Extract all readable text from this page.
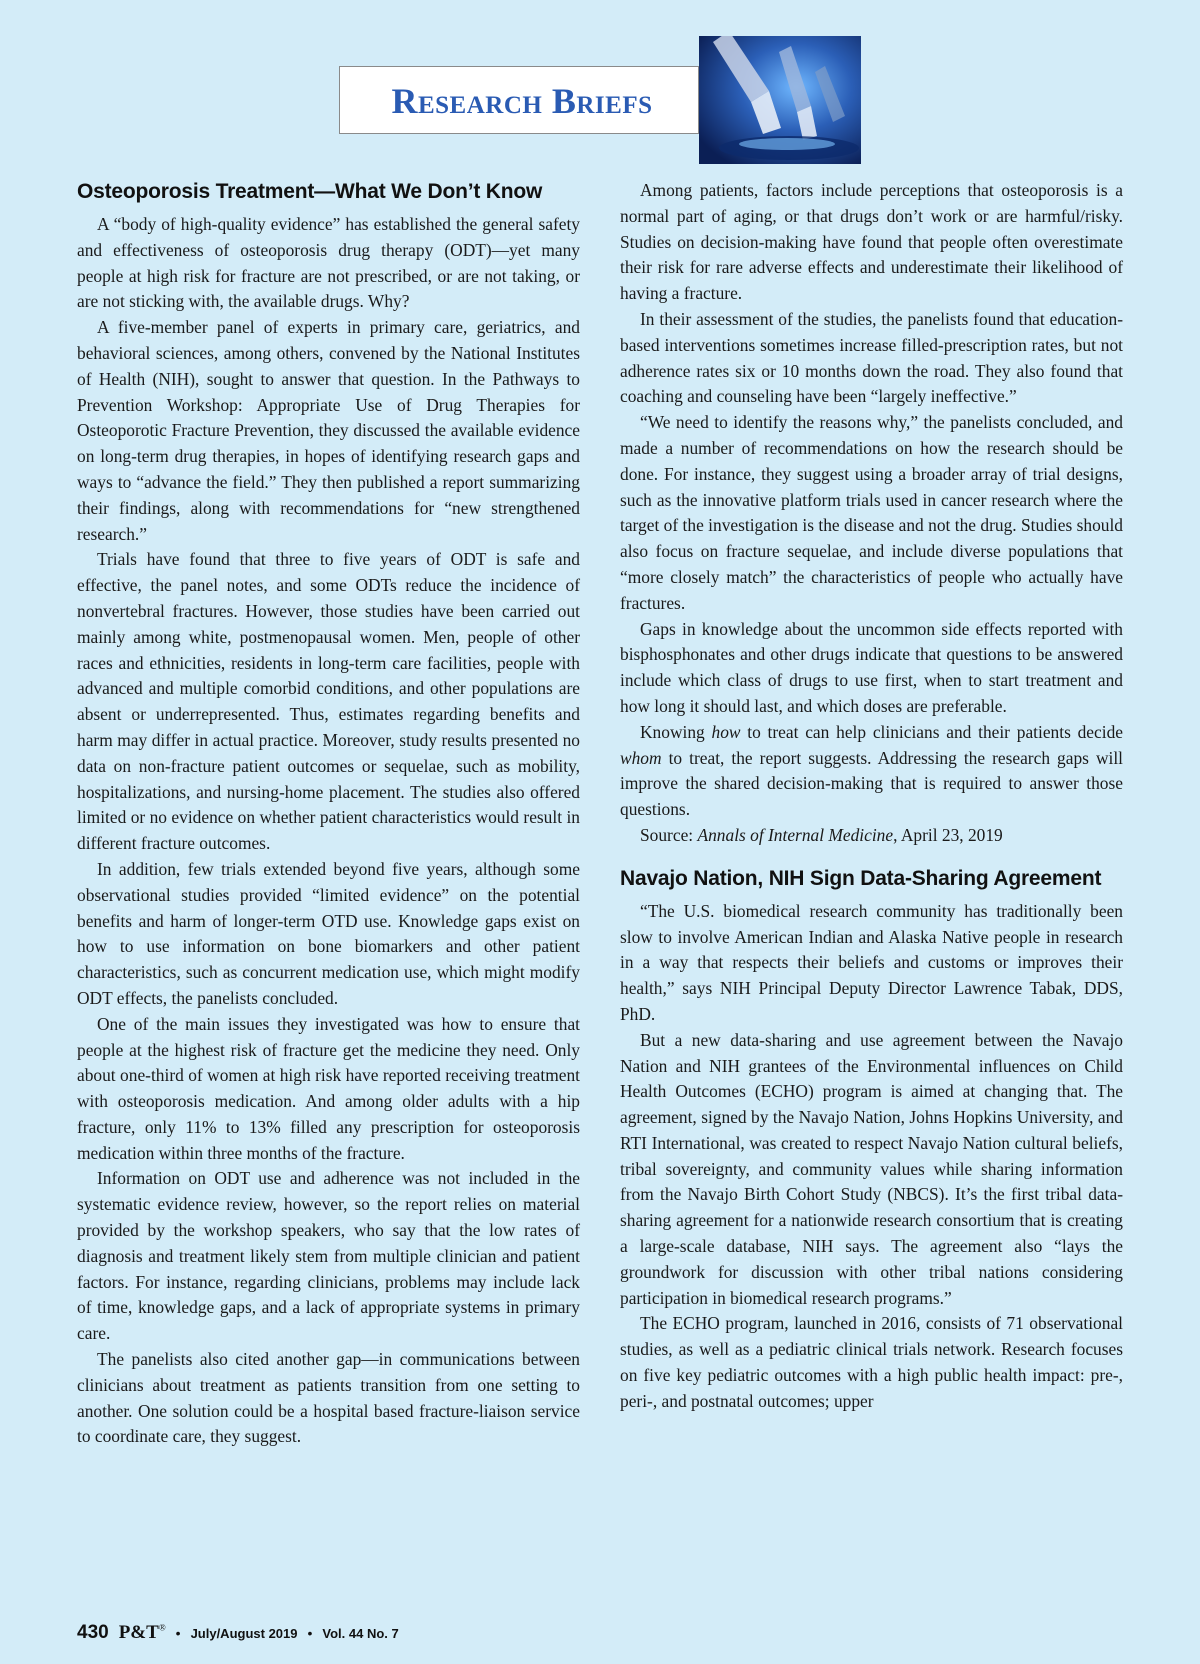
Research Briefs
Osteoporosis Treatment—What We Don’t Know

A “body of high-quality evidence” has established the general safety and effectiveness of osteoporosis drug therapy (ODT)—yet many people at high risk for fracture are not prescribed, or are not taking, or are not sticking with, the available drugs. Why?

A five-member panel of experts in primary care, geriatrics, and behavioral sciences, among others, convened by the National Institutes of Health (NIH), sought to answer that question. In the Pathways to Prevention Workshop: Appropriate Use of Drug Therapies for Osteoporotic Fracture Prevention, they discussed the available evidence on long-term drug therapies, in hopes of identifying research gaps and ways to “advance the field.” They then published a report summarizing their findings, along with recommendations for “new strengthened research.”

Trials have found that three to five years of ODT is safe and effective, the panel notes, and some ODTs reduce the incidence of nonvertebral fractures. However, those studies have been carried out mainly among white, postmenopausal women. Men, people of other races and ethnicities, residents in long-term care facilities, people with advanced and multiple comorbid conditions, and other populations are absent or underrepresented. Thus, estimates regarding benefits and harm may differ in actual practice. Moreover, study results presented no data on non-fracture patient outcomes or sequelae, such as mobility, hospitalizations, and nursing-home placement. The studies also offered limited or no evidence on whether patient characteristics would result in different fracture outcomes.

In addition, few trials extended beyond five years, although some observational studies provided “limited evidence” on the potential benefits and harm of longer-term OTD use. Knowledge gaps exist on how to use information on bone biomarkers and other patient characteristics, such as concurrent medication use, which might modify ODT effects, the panelists concluded.

One of the main issues they investigated was how to ensure that people at the highest risk of fracture get the medicine they need. Only about one-third of women at high risk have reported receiving treatment with osteoporosis medication. And among older adults with a hip fracture, only 11% to 13% filled any prescription for osteoporosis medication within three months of the fracture.

Information on ODT use and adherence was not included in the systematic evidence review, however, so the report relies on material provided by the workshop speakers, who say that the low rates of diagnosis and treatment likely stem from multiple clinician and patient factors. For instance, regarding clinicians, problems may include lack of time, knowledge gaps, and a lack of appropriate systems in primary care.

The panelists also cited another gap—in communications between clinicians about treatment as patients transition from one setting to another. One solution could be a hospital based fracture-liaison service to coordinate care, they suggest.

Among patients, factors include perceptions that osteoporosis is a normal part of aging, or that drugs don’t work or are harmful/risky. Studies on decision-making have found that people often overestimate their risk for rare adverse effects and underestimate their likelihood of having a fracture.

In their assessment of the studies, the panelists found that education-based interventions sometimes increase filled-prescription rates, but not adherence rates six or 10 months down the road. They also found that coaching and counseling have been “largely ineffective.”

“We need to identify the reasons why,” the panelists concluded, and made a number of recommendations on how the research should be done. For instance, they suggest using a broader array of trial designs, such as the innovative platform trials used in cancer research where the target of the investigation is the disease and not the drug. Studies should also focus on fracture sequelae, and include diverse populations that “more closely match” the characteristics of people who actually have fractures.

Gaps in knowledge about the uncommon side effects reported with bisphosphonates and other drugs indicate that questions to be answered include which class of drugs to use first, when to start treatment and how long it should last, and which doses are preferable.

Knowing how to treat can help clinicians and their patients decide whom to treat, the report suggests. Addressing the research gaps will improve the shared decision-making that is required to answer those questions.

Source: Annals of Internal Medicine, April 23, 2019

Navajo Nation, NIH Sign Data-Sharing Agreement

“The U.S. biomedical research community has traditionally been slow to involve American Indian and Alaska Native people in research in a way that respects their beliefs and customs or improves their health,” says NIH Principal Deputy Director Lawrence Tabak, DDS, PhD.

But a new data-sharing and use agreement between the Navajo Nation and NIH grantees of the Environmental influences on Child Health Outcomes (ECHO) program is aimed at changing that. The agreement, signed by the Navajo Nation, Johns Hopkins University, and RTI International, was created to respect Navajo Nation cultural beliefs, tribal sovereignty, and community values while sharing information from the Navajo Birth Cohort Study (NBCS). It’s the first tribal data-sharing agreement for a nationwide research consortium that is creating a large-scale database, NIH says. The agreement also “lays the groundwork for discussion with other tribal nations considering participation in biomedical research programs.”

The ECHO program, launched in 2016, consists of 71 observational studies, as well as a pediatric clinical trials network. Research focuses on five key pediatric outcomes with a high public health impact: pre-, peri-, and postnatal outcomes; upper

430 P&T® • July/August 2019 • Vol. 44 No. 7
